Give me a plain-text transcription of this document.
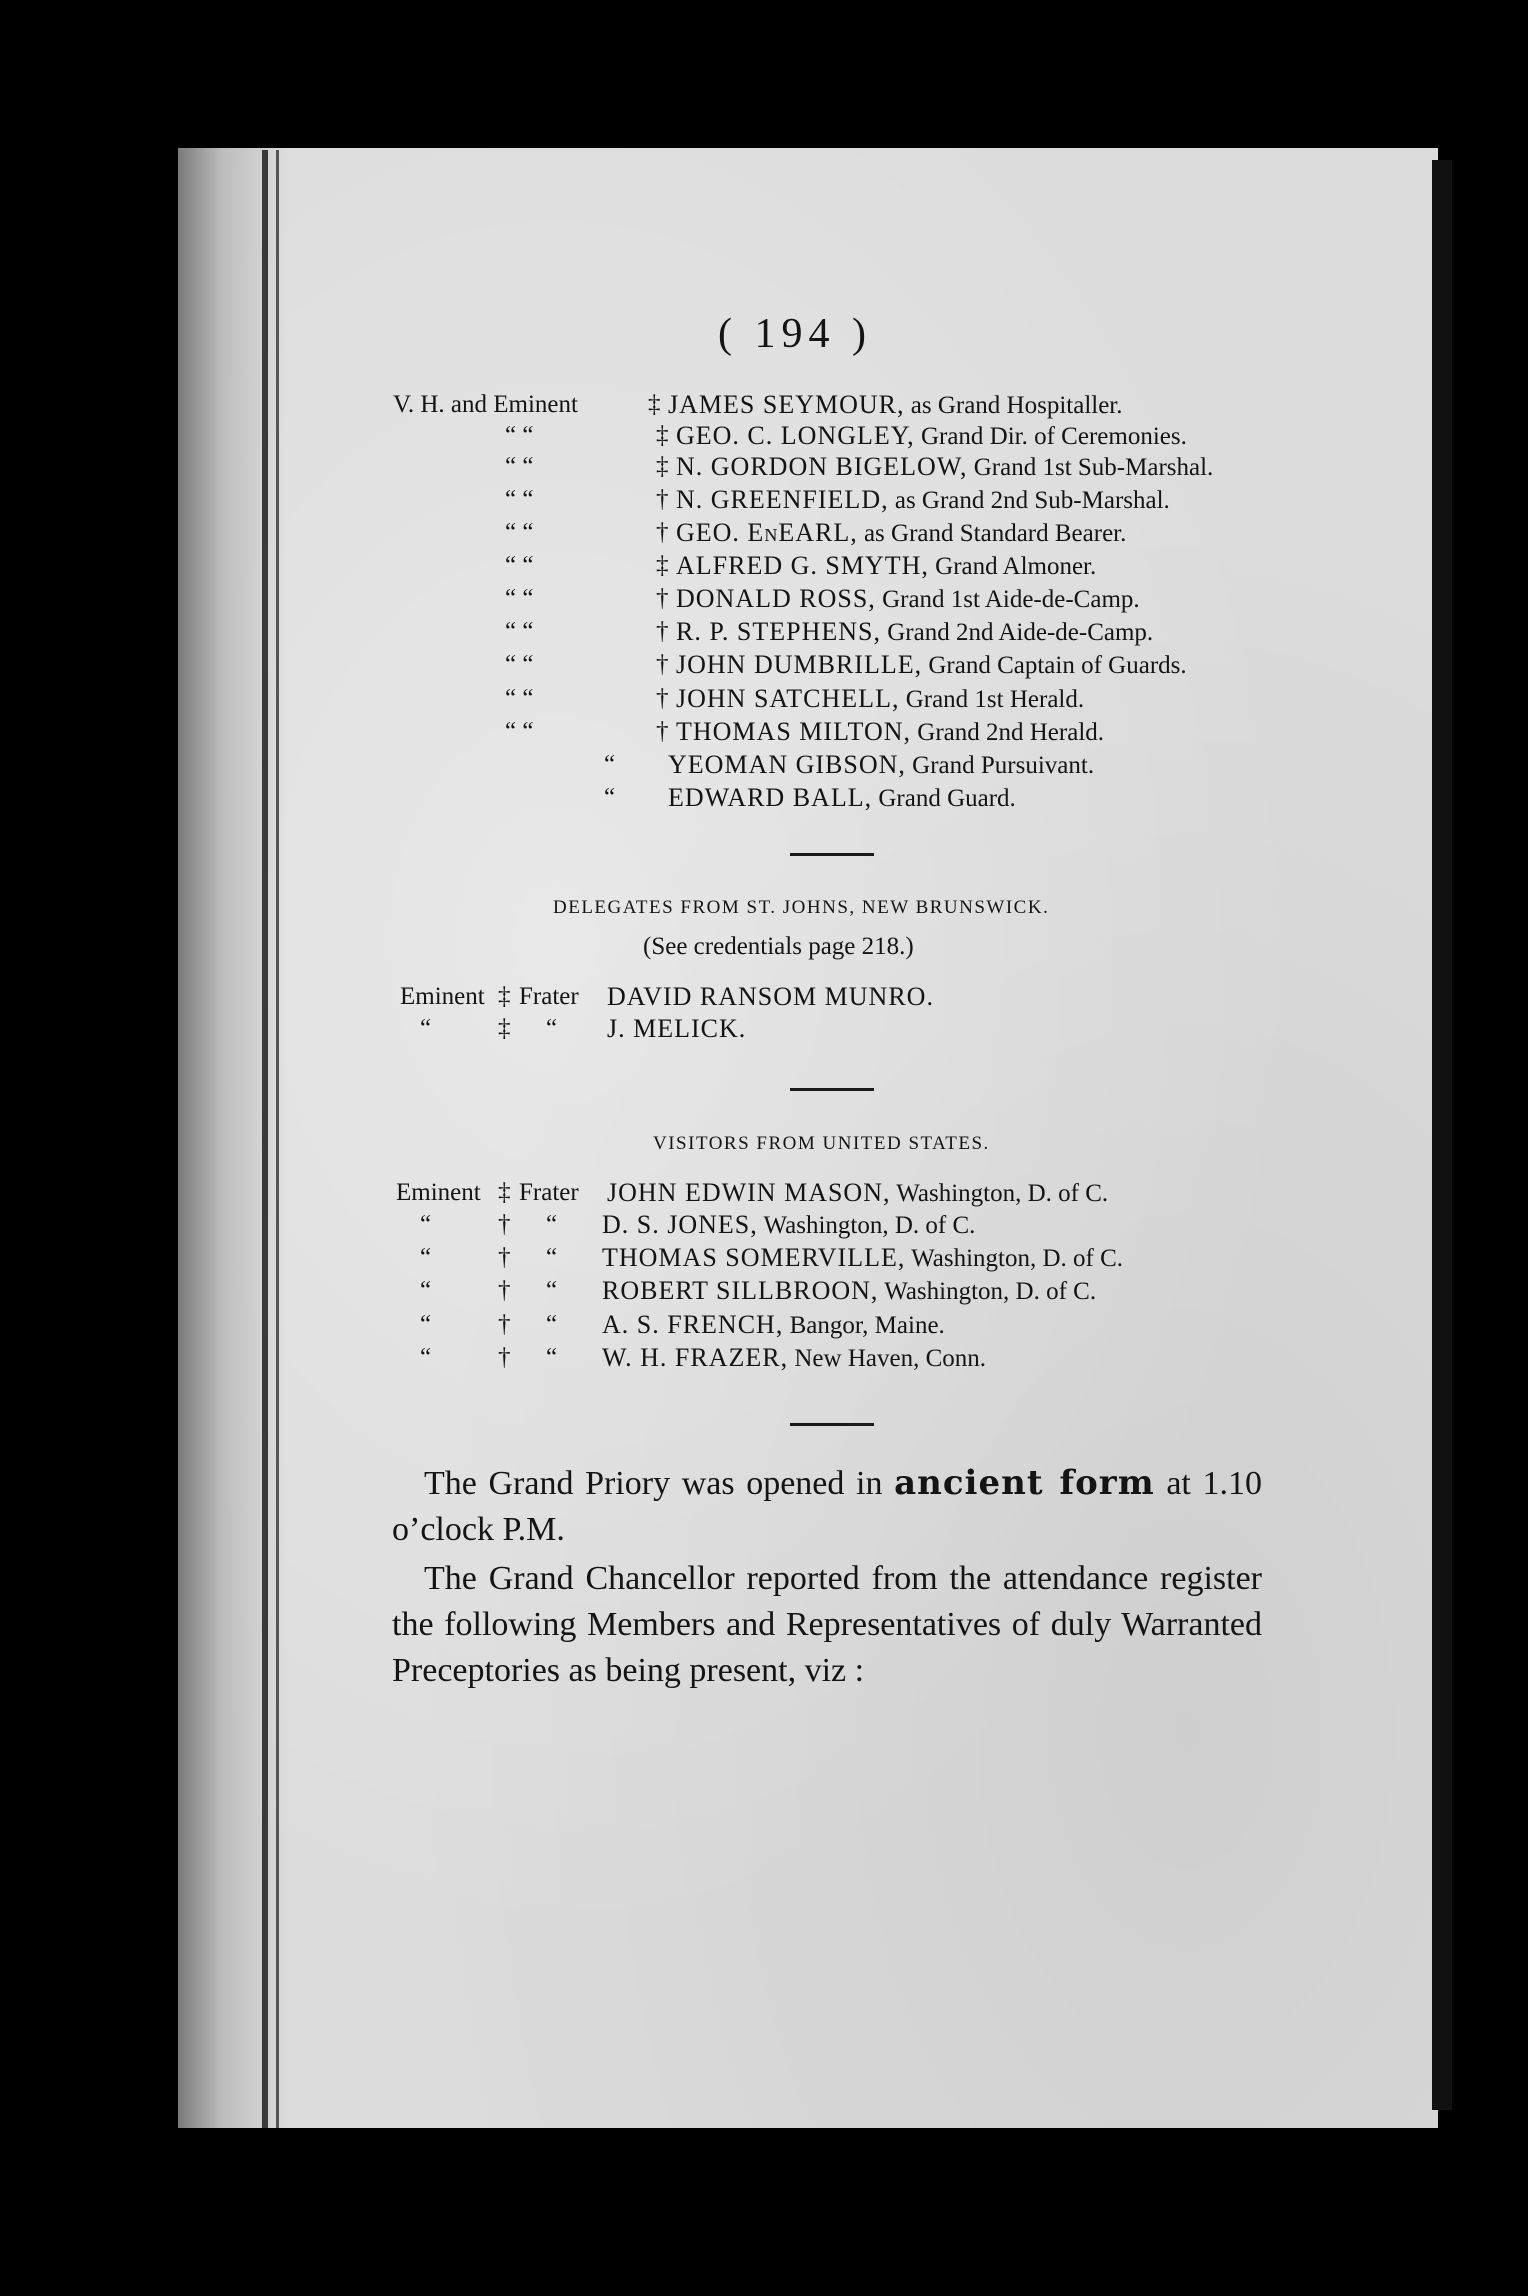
( 194 )
V. H. and Eminent	‡ JAMES SEYMOUR, as Grand Hospitaller.
“ “	‡ GEO. C. LONGLEY, Grand Dir. of Ceremonies.
“ “	‡ N. GORDON BIGELOW, Grand 1st Sub-Marshal.
“ “	† N. GREENFIELD, as Grand 2nd Sub-Marshal.
“ “	† GEO. EnEARL, as Grand Standard Bearer.
“ “	‡ ALFRED G. SMYTH, Grand Almoner.
“ “	† DONALD ROSS, Grand 1st Aide-de-Camp.
“ “	† R. P. STEPHENS, Grand 2nd Aide-de-Camp.
“ “	† JOHN DUMBRILLE, Grand Captain of Guards.
“ “	† JOHN SATCHELL, Grand 1st Herald.
“ “	† THOMAS MILTON, Grand 2nd Herald.
“ YEOMAN GIBSON, Grand Pursuivant.
“ EDWARD BALL, Grand Guard.
DELEGATES FROM ST. JOHNS, NEW BRUNSWICK.
(See credentials page 218.)
Eminent ‡ Frater DAVID RANSOM MUNRO.
“	‡ “ J. MELICK.
VISITORS FROM UNITED STATES.
Eminent ‡ Frater JOHN EDWIN MASON, Washington, D. of C.
“	† “ D. S. JONES, Washington, D. of C.
“	† “ THOMAS SOMERVILLE, Washington, D. of C.
“	† “ ROBERT SILLBROON, Washington, D. of C.
“	† “ A. S. FRENCH, Bangor, Maine.
“	† “ W. H. FRAZER, New Haven, Conn.
The Grand Priory was opened in ancient form at 1.10 o’clock P.M.
The Grand Chancellor reported from the attendance register the following Members and Representatives of duly Warranted Preceptories as being present, viz :
